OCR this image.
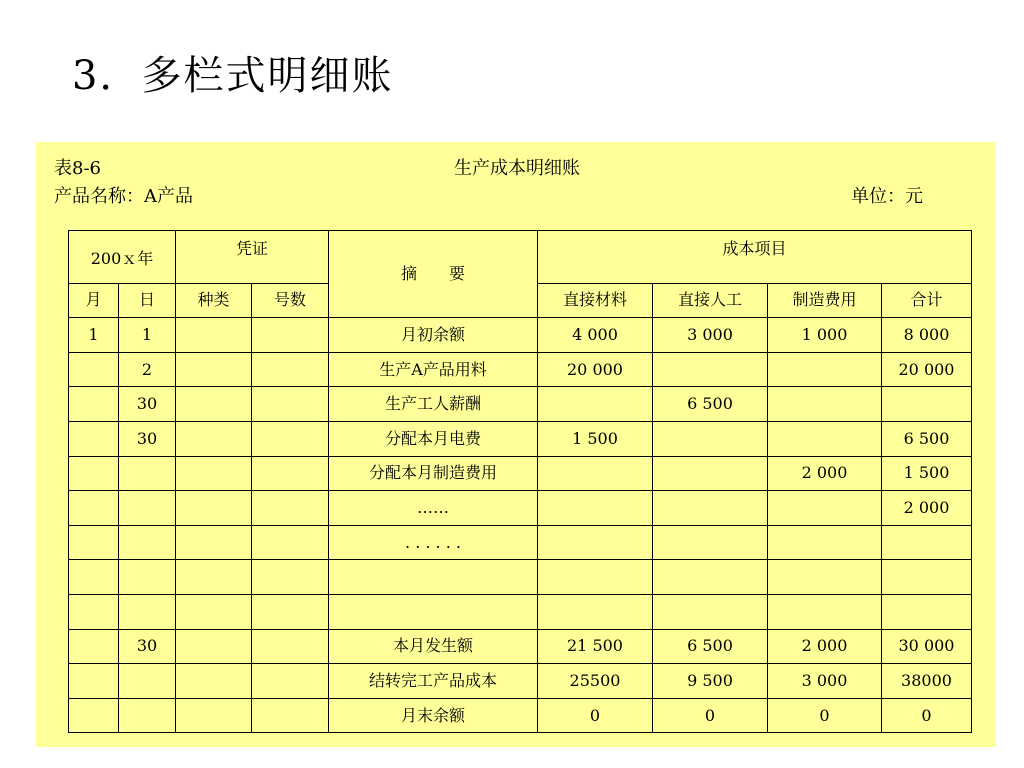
3．多栏式明细账
表8-6	生产成本明细账
产品名称：A产品	单位：元
200ｘ年		凭证		摘　　要	成本项目			
月	日	种类	号数		直接材料	直接人工	制造费用	合计
1	1			月初余额	4 000	3 000	1 000	8 000
	2			生产A产品用料	20 000			20 000
	30			生产工人薪酬		6 500		
	30			分配本月电费	1 500			6 500
				分配本月制造费用			2 000	1 500
				……				2 000
				. . . . . .				

	30			本月发生额	21 500	6 500	2 000	30 000
				结转完工产品成本	25500	9 500	3 000	38000
				月末余额	0	0	0	0
